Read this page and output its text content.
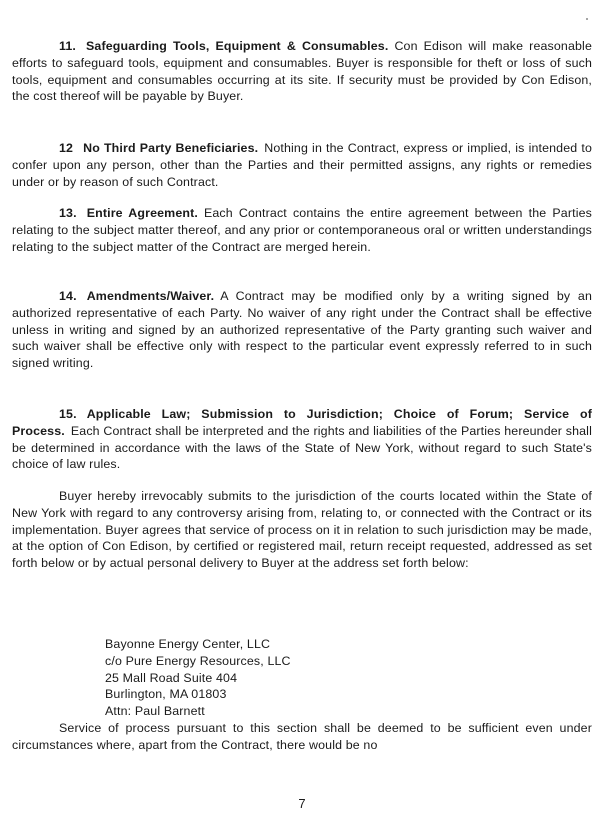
11. Safeguarding Tools, Equipment & Consumables. Con Edison will make reasonable efforts to safeguard tools, equipment and consumables. Buyer is responsible for theft or loss of such tools, equipment and consumables occurring at its site. If security must be provided by Con Edison, the cost thereof will be payable by Buyer.

12 No Third Party Beneficiaries. Nothing in the Contract, express or implied, is intended to confer upon any person, other than the Parties and their permitted assigns, any rights or remedies under or by reason of such Contract.

13. Entire Agreement. Each Contract contains the entire agreement between the Parties relating to the subject matter thereof, and any prior or contemporaneous oral or written understandings relating to the subject matter of the Contract are merged herein.

14. Amendments/Waiver. A Contract may be modified only by a writing signed by an authorized representative of each Party. No waiver of any right under the Contract shall be effective unless in writing and signed by an authorized representative of the Party granting such waiver and such waiver shall be effective only with respect to the particular event expressly referred to in such signed writing.

15. Applicable Law; Submission to Jurisdiction; Choice of Forum; Service of Process. Each Contract shall be interpreted and the rights and liabilities of the Parties hereunder shall be determined in accordance with the laws of the State of New York, without regard to such State's choice of law rules.

Buyer hereby irrevocably submits to the jurisdiction of the courts located within the State of New York with regard to any controversy arising from, relating to, or connected with the Contract or its implementation. Buyer agrees that service of process on it in relation to such jurisdiction may be made, at the option of Con Edison, by certified or registered mail, return receipt requested, addressed as set forth below or by actual personal delivery to Buyer at the address set forth below:

Bayonne Energy Center, LLC
c/o Pure Energy Resources, LLC
25 Mall Road Suite 404
Burlington, MA 01803
Attn: Paul Barnett

Service of process pursuant to this section shall be deemed to be sufficient even under circumstances where, apart from the Contract, there would be no

7
